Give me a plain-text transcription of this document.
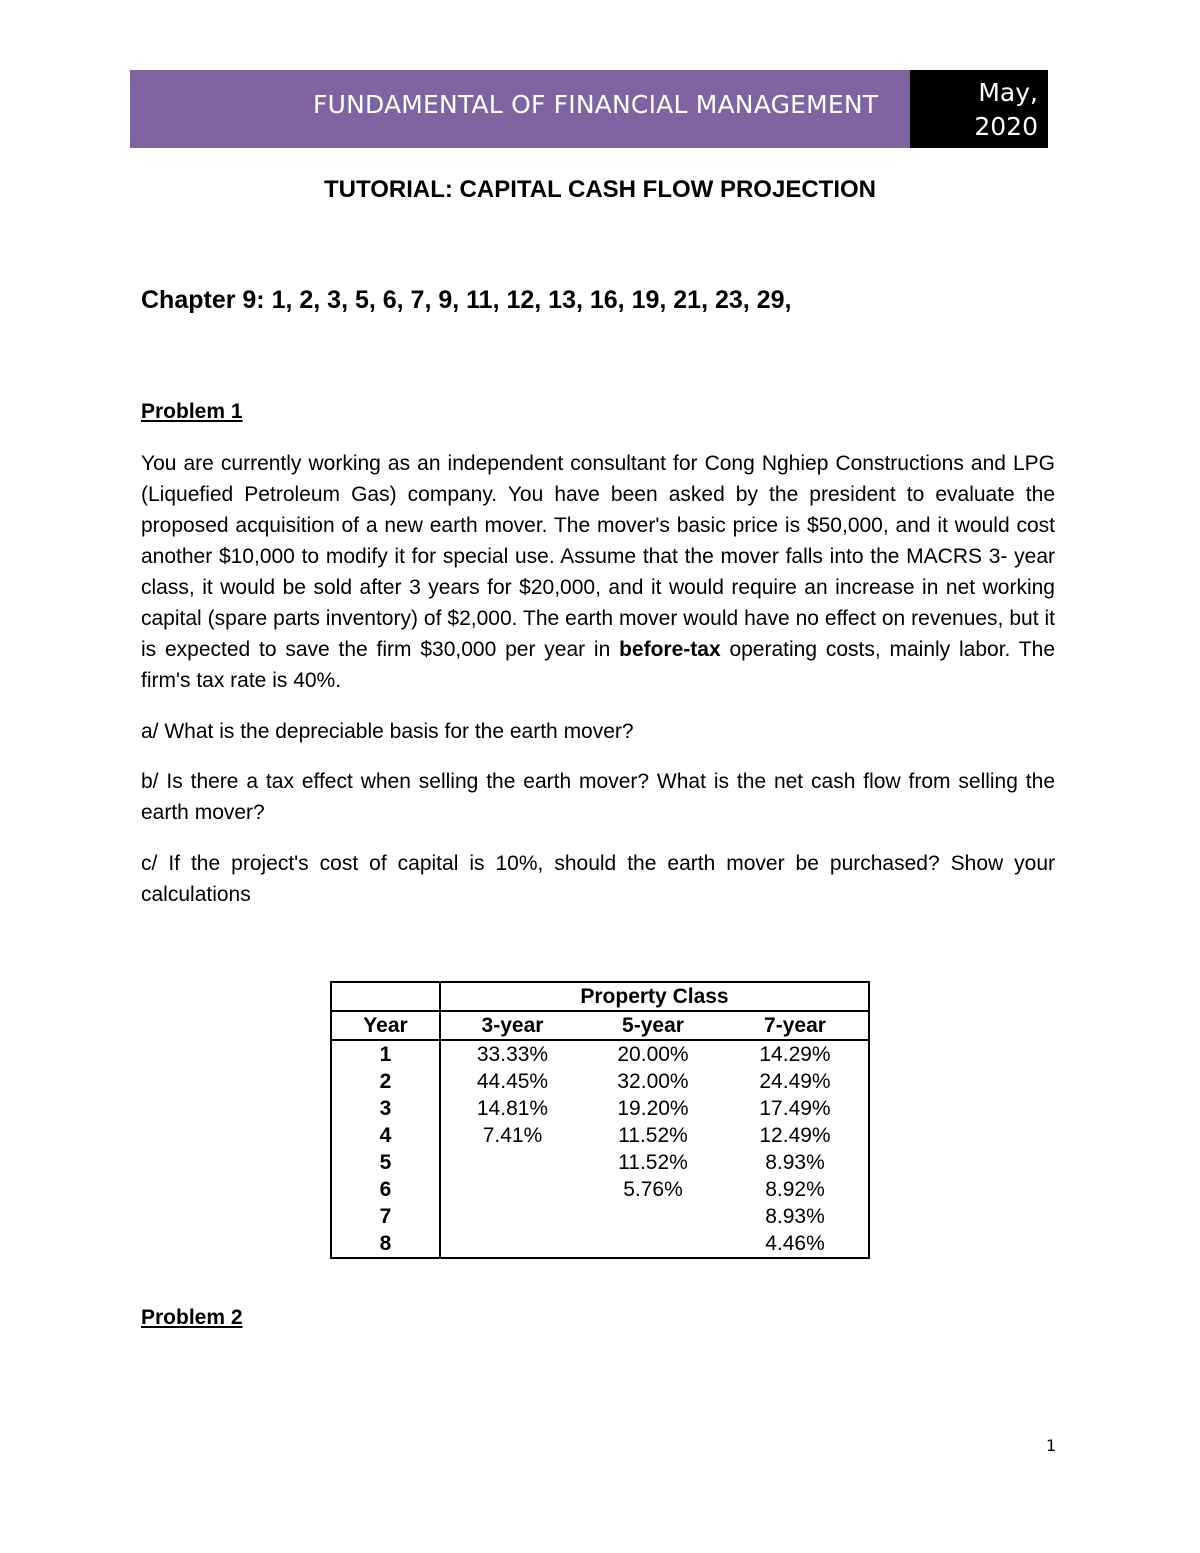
FUNDAMENTAL OF FINANCIAL MANAGEMENT	May,
2020
TUTORIAL: CAPITAL CASH FLOW PROJECTION
Chapter 9: 1, 2, 3, 5, 6, 7, 9, 11, 12, 13, 16, 19, 21, 23, 29,
Problem 1

You are currently working as an independent consultant for Cong Nghiep Constructions and LPG (Liquefied Petroleum Gas) company. You have been asked by the president to evaluate the proposed acquisition of a new earth mover. The mover's basic price is $50,000, and it would cost another $10,000 to modify it for special use. Assume that the mover falls into the MACRS 3- year class, it would be sold after 3 years for $20,000, and it would require an increase in net working capital (spare parts inventory) of $2,000. The earth mover would have no effect on revenues, but it is expected to save the firm $30,000 per year in before-tax operating costs, mainly labor. The firm's tax rate is 40%.

a/ What is the depreciable basis for the earth mover?

b/ Is there a tax effect when selling the earth mover? What is the net cash flow from selling the earth mover?

c/ If the project's cost of capital is 10%, should the earth mover be purchased? Show your calculations

	Property Class		
Year	3-year	5-year	7-year
1	33.33%	20.00%	14.29%
2	44.45%	32.00%	24.49%
3	14.81%	19.20%	17.49%
4	7.41%	11.52%	12.49%
5		11.52%	8.93%
6		5.76%	8.92%
7			8.93%
8			4.46%
Problem 2
1
